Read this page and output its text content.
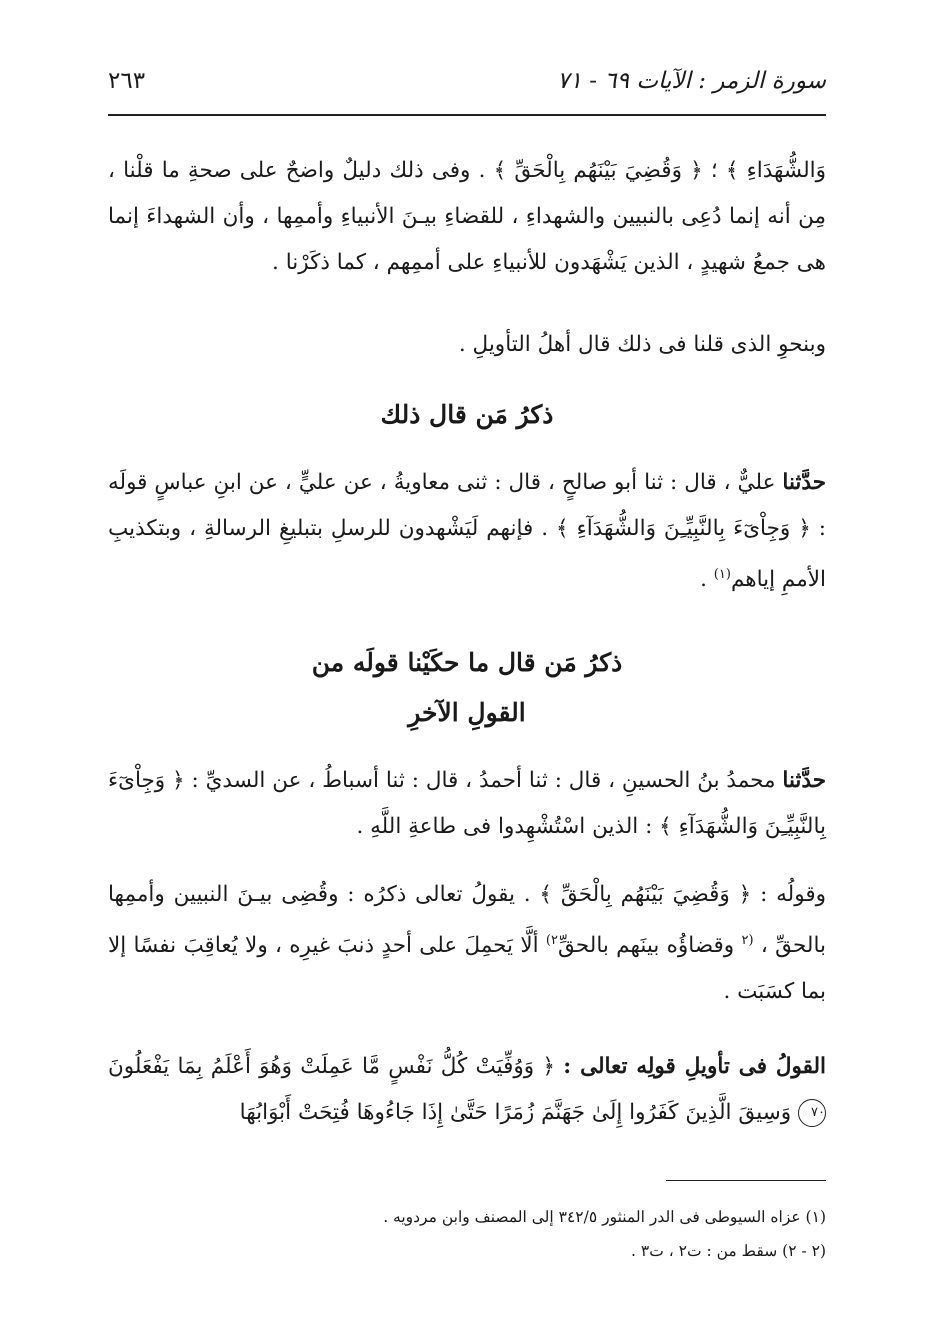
سورة الزمر : الآيات ٦٩ - ٧١
٢٦٣
وَالشُّهَدَاءِ ﴾ ؛ ﴿ وَقُضِيَ بَيْنَهُم بِالْحَقِّ ﴾ . وفى ذلك دليلٌ واضحٌ على صحةِ ما قلْنا ، مِن أنه إنما دُعِى بالنبيين والشهداءِ ، للقضاءِ بيـنَ الأنبياءِ وأممِها ، وأن الشهداءَ إنما هى جمعُ شهيدٍ ، الذين يَشْهَدون للأنبياءِ على أممِهم ، كما ذكَرْنا .
وبنحوِ الذى قلنا فى ذلك قال أهلُ التأويلِ .
ذكرُ مَن قال ذلك
حدَّثنا عليٌّ ، قال : ثنا أبو صالحٍ ، قال : ثنى معاويةُ ، عن عليٍّ ، عن ابنِ عباسٍ قولَه : ﴿ وَجِاْىٓءَ بِالنَّبِيِّـِنَ وَالشُّهَدَآءِ ﴾ . فإنهم لَيَشْهدون للرسلِ بتبليغِ الرسالةِ ، وبتكذيبِ الأممِ إياهم$^{(١)}$ .
ذكرُ مَن قال ما حكَيْنا قولَه من
القولِ الآخرِ
حدَّثنا محمدُ بنُ الحسينِ ، قال : ثنا أحمدُ ، قال : ثنا أسباطُ ، عن السديِّ : ﴿ وَجِاْىٓءَ بِالنَّبِيِّـِنَ وَالشُّهَدَآءِ ﴾ : الذين اسْتُشْهِدوا فى طاعةِ اللَّهِ .
وقولُه : ﴿ وَقُضِيَ بَيْنَهُم بِالْحَقِّ ﴾ . يقولُ تعالى ذكرُه : وقُضِى بيـنَ النبيين وأممِها بالحقِّ ، $^{(٢}$ وقضاؤُه بينَهم بالحقِّ$^{٢)}$ ألَّا يَحمِلَ على أحدٍ ذنبَ غيرِه ، ولا يُعاقِبَ نفسًا إلا بما كسَبَت .
القولُ فى تأويلِ قولِه تعالى : ﴿ وَوُفِّيَتْ كُلُّ نَفْسٍ مَّا عَمِلَتْ وَهُوَ أَعْلَمُ بِمَا يَفْعَلُونَ ٧٠ وَسِيقَ الَّذِينَ كَفَرُوا إِلَىٰ جَهَنَّمَ زُمَرًا حَتَّىٰ إِذَا جَاءُوهَا فُتِحَتْ أَبْوَابُهَا
(١) عزاه السيوطى فى الدر المنثور ٣٤٢/٥ إلى المصنف وابن مردويه .
(٢ - ٢) سقط من : ت٢ ، ت٣ .
